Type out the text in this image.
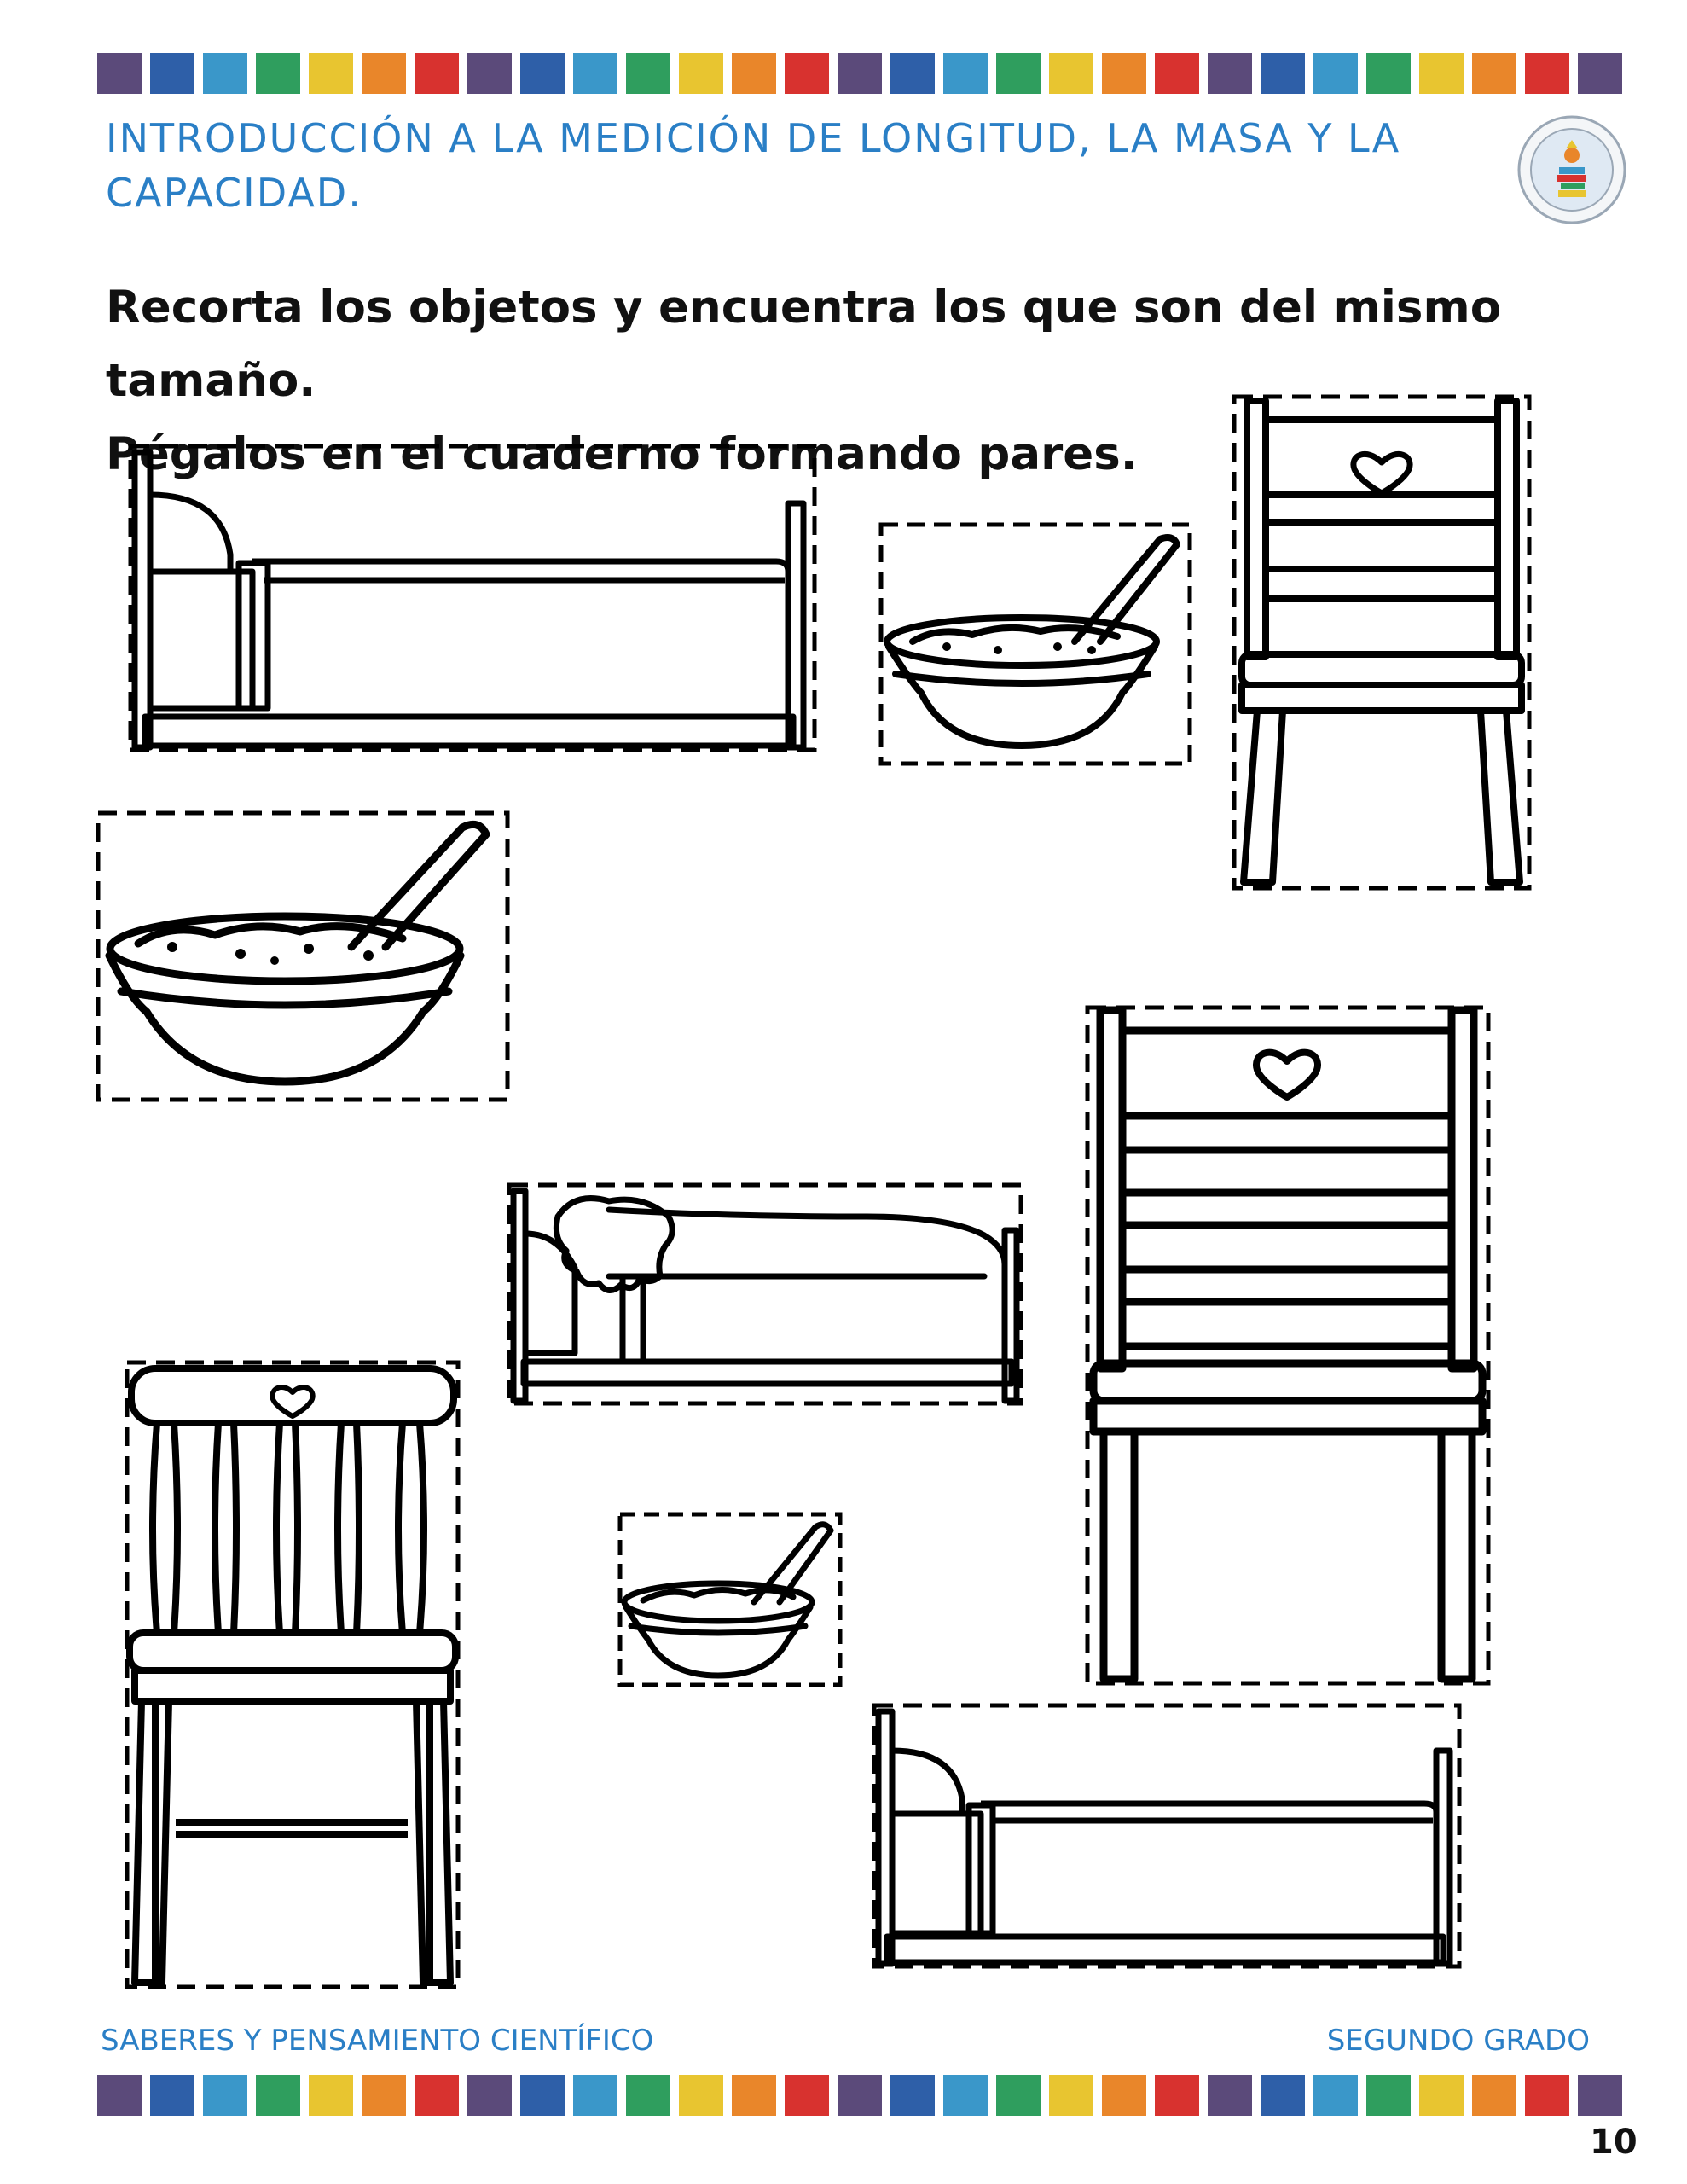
INTRODUCCIÓN A LA MEDICIÓN DE LONGITUD, LA MASA Y LA CAPACIDAD.
Recorta los objetos y encuentra los que son del mismo tamaño.
Pégalos en el cuaderno formando pares.
SABERES Y PENSAMIENTO CIENTÍFICO	SEGUNDO GRADO
10
